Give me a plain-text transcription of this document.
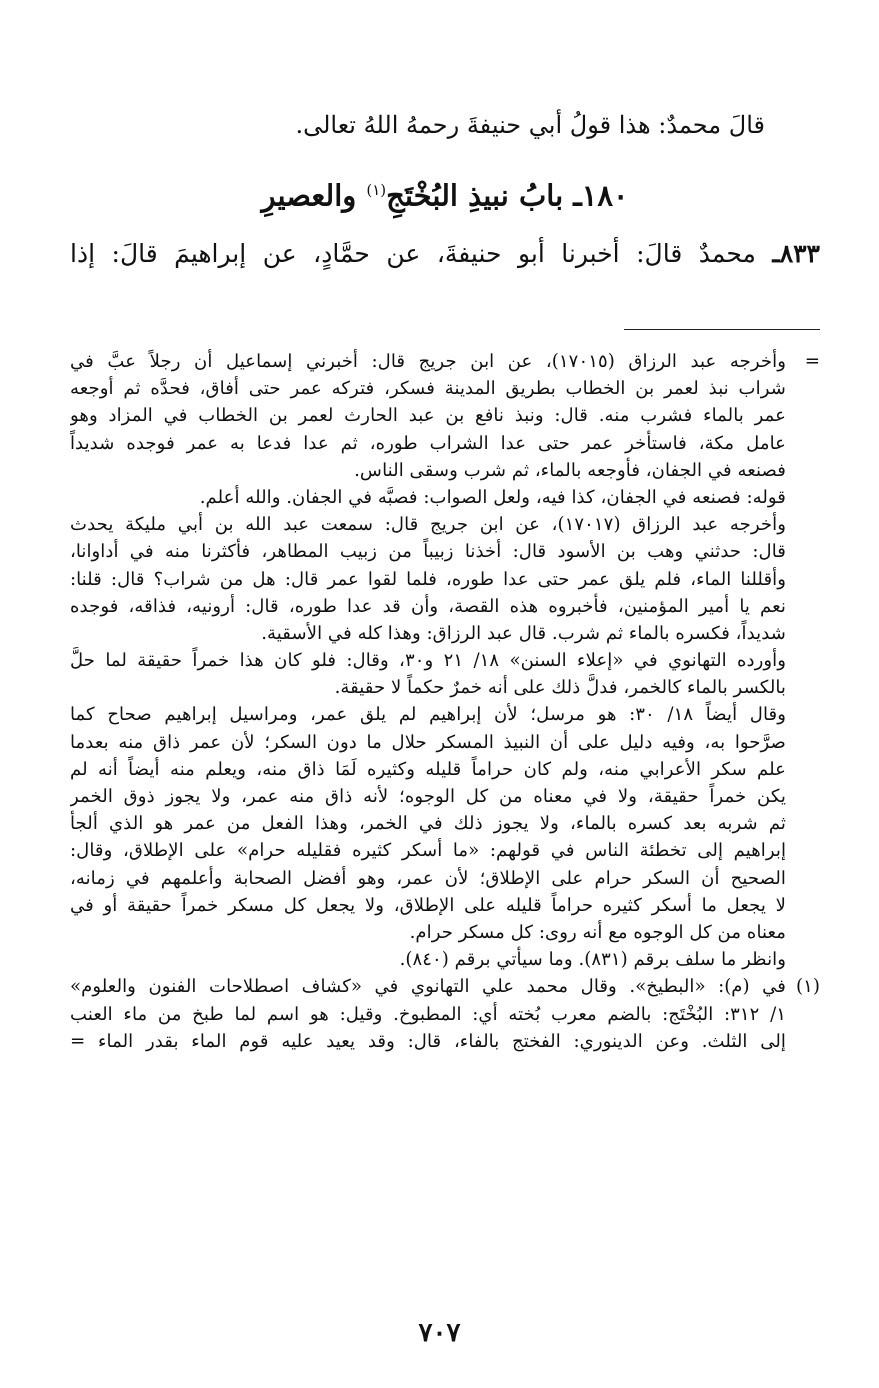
قالَ محمدٌ: هذا قولُ أبي حنيفةَ رحمهُ اللهُ تعالى.
١٨٠ـ بابُ نبيذِ البُخْتَجِ$^{(١)}$ والعصيرِ
٨٣٣ـ محمدٌ قالَ: أخبرنا أبو حنيفةَ، عن حمَّادٍ، عن إبراهيمَ قالَ: إذا
=وأخرجه عبد الرزاق (١٧٠١٥)، عن ابن جريج قال: أخبرني إسماعيل أن رجلاً عبَّ في
شراب نبذ لعمر بن الخطاب بطريق المدينة فسكر، فتركه عمر حتى أفاق، فحدَّه ثم أوجعه
عمر بالماء فشرب منه. قال: ونبذ نافع بن عبد الحارث لعمر بن الخطاب في المزاد وهو
عامل مكة، فاستأخر عمر حتى عدا الشراب طوره، ثم عدا فدعا به عمر فوجده شديداً
فصنعه في الجفان، فأوجعه بالماء، ثم شرب وسقى الناس.
قوله: فصنعه في الجفان، كذا فيه، ولعل الصواب: فصبَّه في الجفان. والله أعلم.
وأخرجه عبد الرزاق (١٧٠١٧)، عن ابن جريج قال: سمعت عبد الله بن أبي مليكة يحدث
قال: حدثني وهب بن الأسود قال: أخذنا زبيباً من زبيب المطاهر، فأكثرنا منه في أداوانا،
وأقللنا الماء، فلم يلق عمر حتى عدا طوره، فلما لقوا عمر قال: هل من شراب؟ قال: قلنا:
نعم يا أمير المؤمنين، فأخبروه هذه القصة، وأن قد عدا طوره، قال: أرونيه، فذاقه، فوجده
شديداً، فكسره بالماء ثم شرب. قال عبد الرزاق: وهذا كله في الأسقية.
وأورده التهانوي في «إعلاء السنن» ١٨/ ٢١ و٣٠، وقال: فلو كان هذا خمراً حقيقة لما حلَّ
بالكسر بالماء كالخمر، فدلَّ ذلك على أنه خمرٌ حكماً لا حقيقة.
وقال أيضاً ١٨/ ٣٠: هو مرسل؛ لأن إبراهيم لم يلق عمر، ومراسيل إبراهيم صحاح كما
صرَّحوا به، وفيه دليل على أن النبيذ المسكر حلال ما دون السكر؛ لأن عمر ذاق منه بعدما
علم سكر الأعرابي منه، ولم كان حراماً قليله وكثيره لَمَا ذاق منه، ويعلم منه أيضاً أنه لم
يكن خمراً حقيقة، ولا في معناه من كل الوجوه؛ لأنه ذاق منه عمر، ولا يجوز ذوق الخمر
ثم شربه بعد كسره بالماء، ولا يجوز ذلك في الخمر، وهذا الفعل من عمر هو الذي ألجأ
إبراهيم إلى تخطئة الناس في قولهم: «ما أسكر كثيره فقليله حرام» على الإطلاق، وقال:
الصحيح أن السكر حرام على الإطلاق؛ لأن عمر، وهو أفضل الصحابة وأعلمهم في زمانه،
لا يجعل ما أسكر كثيره حراماً قليله على الإطلاق، ولا يجعل كل مسكر خمراً حقيقة أو في
معناه من كل الوجوه مع أنه روى: كل مسكر حرام.
وانظر ما سلف برقم (٨٣١). وما سيأتي برقم (٨٤٠).
(١)في (م): «البطيخ». وقال محمد علي التهانوي في «كشاف اصطلاحات الفنون والعلوم»
١/ ٣١٢: البُخْتَج: بالضم معرب بُخته أي: المطبوخ. وقيل: هو اسم لما طبخ من ماء العنب
إلى الثلث. وعن الدينوري: الفختج بالفاء، قال: وقد يعيد عليه قوم الماء بقدر الماء =
٧٠٧
